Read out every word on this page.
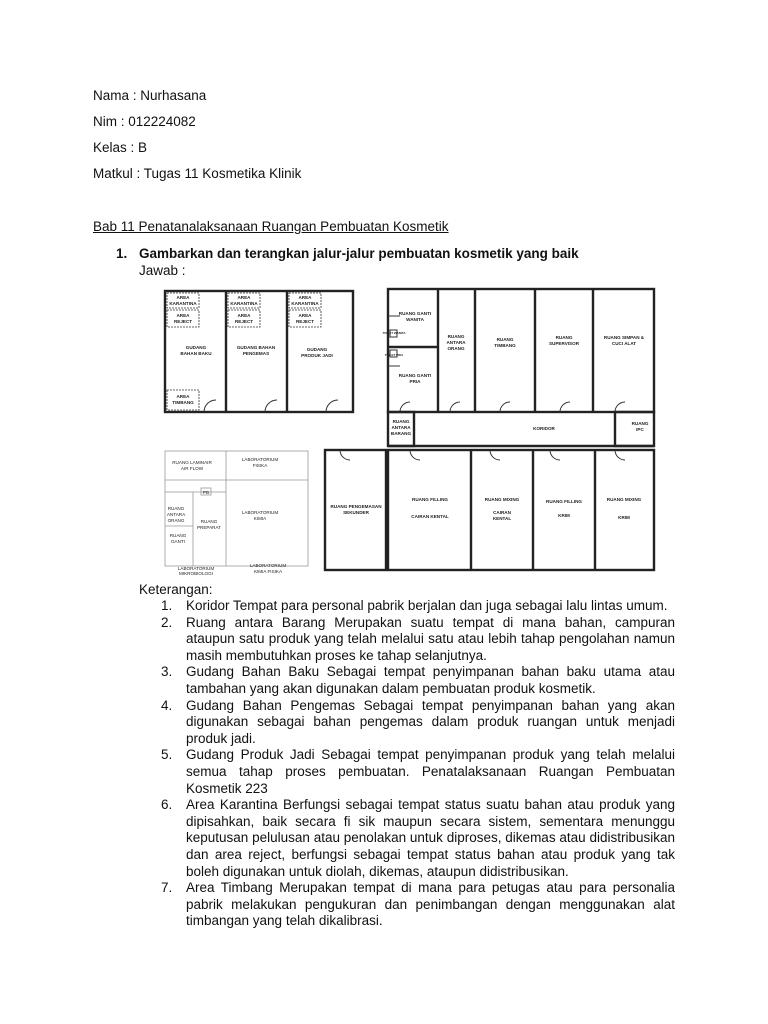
Nama : Nurhasana
Nim : 012224082
Kelas : B
Matkul : Tugas 11 Kosmetika Klinik
Bab 11 Penatanalaksanaan Ruangan Pembuatan Kosmetik
1. Gambarkan dan terangkan jalur-jalur pembuatan kosmetik yang baik
Jawab :
AREA
KARANTINA
AREA
REJECT
GUDANG
BAHAN BAKU
AREA
TIMBANG
AREA
KARANTINA
AREA
REJECT
GUDANG BAHAN
PENGEMAS
AREA
KARANTINA
AREA
REJECT
GUDANG
PRODUK JADI
TOILET WANITA
TOILET PRIA
RUANG GANTI
WANITA
RUANG GANTI
PRIA
RUANG
ANTARA
ORANG
RUANG
TIMBANG
RUANG
SUPERVISOR
RUANG SIMPAN &
CUCI ALAT
RUANG
ANTARA
BARANG
KORIDOR
RUANG
IPC
RUANG LAMINAIR
AIR FLOW
LABORATORIUM
FISIKA
PB
RUANG
ANTARA
ORANG	RUANG
PREPARAT
RUANG
GANTI
LABORATORIUM
KIMIA
LABORATORIUM
MIKROBIOLOGI
LABORATORIUM
KIMIA FISIKA
RUANG PENGEMASAN
SEKUNDER
RUANG FILLING
CAIRAN KENTAL
RUANG MIXING
CAIRAN
KENTAL
RUANG FILLING
KRIM
RUANG MIXING
KRIM
Keterangan:
1. Koridor Tempat para personal pabrik berjalan dan juga sebagai lalu lintas umum.
2. Ruang antara Barang Merupakan suatu tempat di mana bahan, campuran ataupun satu produk yang telah melalui satu atau lebih tahap pengolahan namun masih membutuhkan proses ke tahap selanjutnya.
3. Gudang Bahan Baku Sebagai tempat penyimpanan bahan baku utama atau tambahan yang akan digunakan dalam pembuatan produk kosmetik.
4. Gudang Bahan Pengemas Sebagai tempat penyimpanan bahan yang akan digunakan sebagai bahan pengemas dalam produk ruangan untuk menjadi produk jadi.
5. Gudang Produk Jadi Sebagai tempat penyimpanan produk yang telah melalui semua tahap proses pembuatan. Penatalaksanaan Ruangan Pembuatan Kosmetik 223
6. Area Karantina Berfungsi sebagai tempat status suatu bahan atau produk yang dipisahkan, baik secara fi sik maupun secara sistem, sementara menunggu keputusan pelulusan atau penolakan untuk diproses, dikemas atau didistribusikan dan area reject, berfungsi sebagai tempat status bahan atau produk yang tak boleh digunakan untuk diolah, dikemas, ataupun didistribusikan.
7. Area Timbang Merupakan tempat di mana para petugas atau para personalia pabrik melakukan pengukuran dan penimbangan dengan menggunakan alat timbangan yang telah dikalibrasi.
